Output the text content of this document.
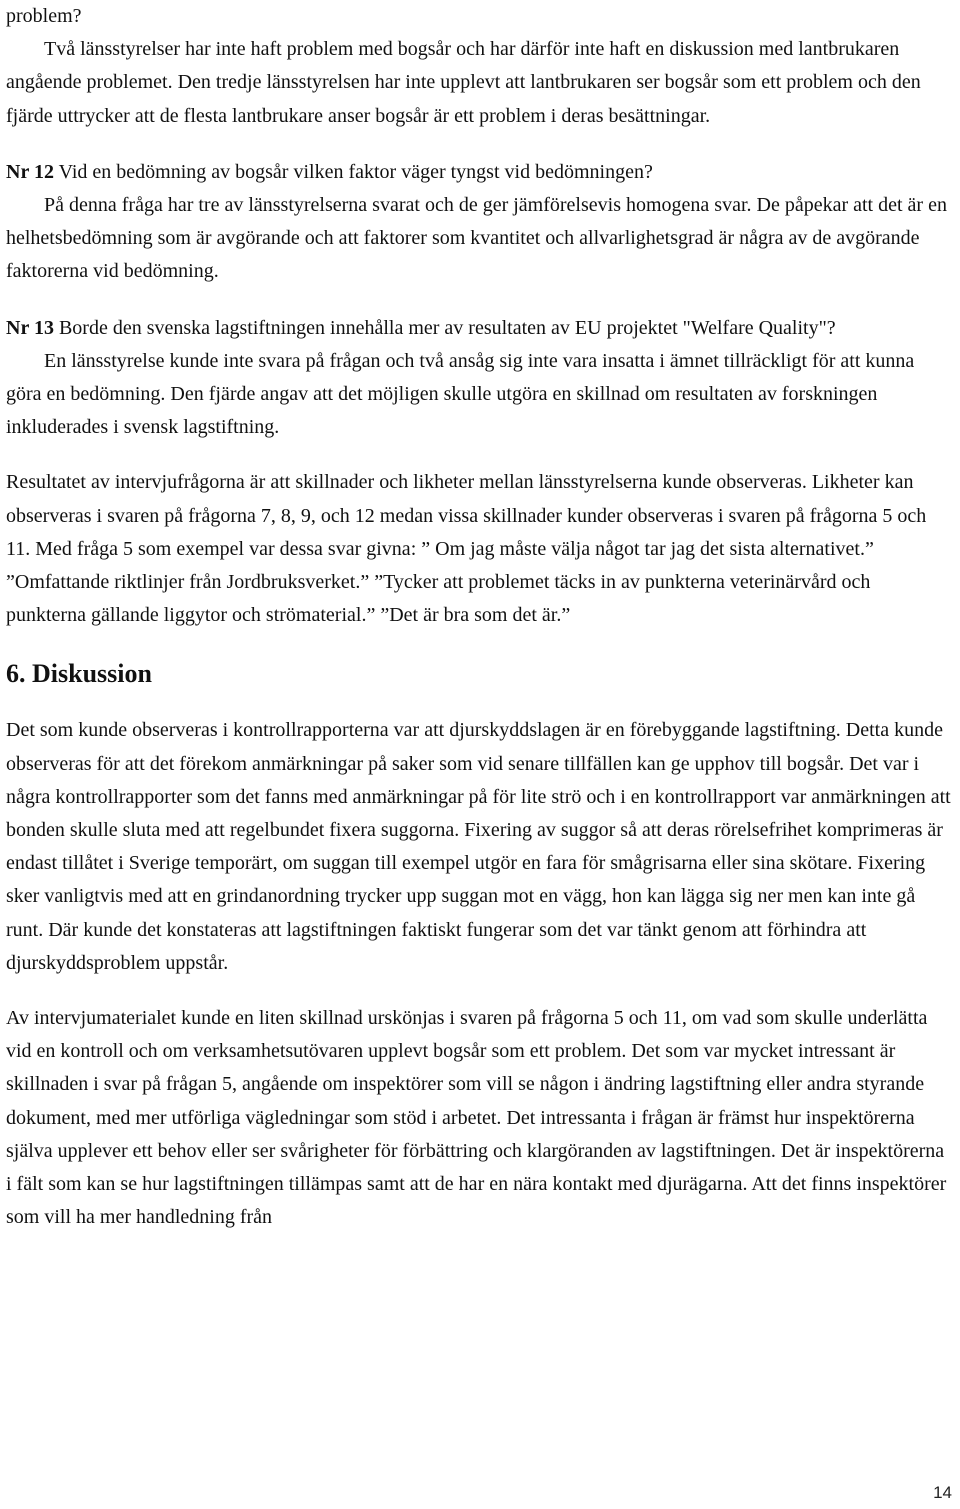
problem?

Två länsstyrelser har inte haft problem med bogsår och har därför inte haft en diskussion med lantbrukaren angående problemet. Den tredje länsstyrelsen har inte upplevt att lantbrukaren ser bogsår som ett problem och den fjärde uttrycker att de flesta lantbrukare anser bogsår är ett problem i deras besättningar.

Nr 12 Vid en bedömning av bogsår vilken faktor väger tyngst vid bedömningen?

På denna fråga har tre av länsstyrelserna svarat och de ger jämförelsevis homogena svar. De påpekar att det är en helhetsbedömning som är avgörande och att faktorer som kvantitet och allvarlighetsgrad är några av de avgörande faktorerna vid bedömning.

Nr 13 Borde den svenska lagstiftningen innehålla mer av resultaten av EU projektet "Welfare Quality"?

En länsstyrelse kunde inte svara på frågan och två ansåg sig inte vara insatta i ämnet tillräckligt för att kunna göra en bedömning. Den fjärde angav att det möjligen skulle utgöra en skillnad om resultaten av forskningen inkluderades i svensk lagstiftning.

Resultatet av intervjufrågorna är att skillnader och likheter mellan länsstyrelserna kunde observeras. Likheter kan observeras i svaren på frågorna 7, 8, 9, och 12 medan vissa skillnader kunder observeras i svaren på frågorna 5 och 11. Med fråga 5 som exempel var dessa svar givna: ” Om jag måste välja något tar jag det sista alternativet.” ”Omfattande riktlinjer från Jordbruksverket.” ”Tycker att problemet täcks in av punkterna veterinärvård och punkterna gällande liggytor och strömaterial.” ”Det är bra som det är.”

6. Diskussion

Det som kunde observeras i kontrollrapporterna var att djurskyddslagen är en förebyggande lagstiftning. Detta kunde observeras för att det förekom anmärkningar på saker som vid senare tillfällen kan ge upphov till bogsår. Det var i några kontrollrapporter som det fanns med anmärkningar på för lite strö och i en kontrollrapport var anmärkningen att bonden skulle sluta med att regelbundet fixera suggorna. Fixering av suggor så att deras rörelsefrihet komprimeras är endast tillåtet i Sverige temporärt, om suggan till exempel utgör en fara för smågrisarna eller sina skötare. Fixering sker vanligtvis med att en grindanordning trycker upp suggan mot en vägg, hon kan lägga sig ner men kan inte gå runt. Där kunde det konstateras att lagstiftningen faktiskt fungerar som det var tänkt genom att förhindra att djurskyddsproblem uppstår.

Av intervjumaterialet kunde en liten skillnad urskönjas i svaren på frågorna 5 och 11, om vad som skulle underlätta vid en kontroll och om verksamhetsutövaren upplevt bogsår som ett problem. Det som var mycket intressant är skillnaden i svar på frågan 5, angående om inspektörer som vill se någon i ändring lagstiftning eller andra styrande dokument, med mer utförliga vägledningar som stöd i arbetet. Det intressanta i frågan är främst hur inspektörerna själva upplever ett behov eller ser svårigheter för förbättring och klargöranden av lagstiftningen. Det är inspektörerna i fält som kan se hur lagstiftningen tillämpas samt att de har en nära kontakt med djurägarna. Att det finns inspektörer som vill ha mer handledning från

14
